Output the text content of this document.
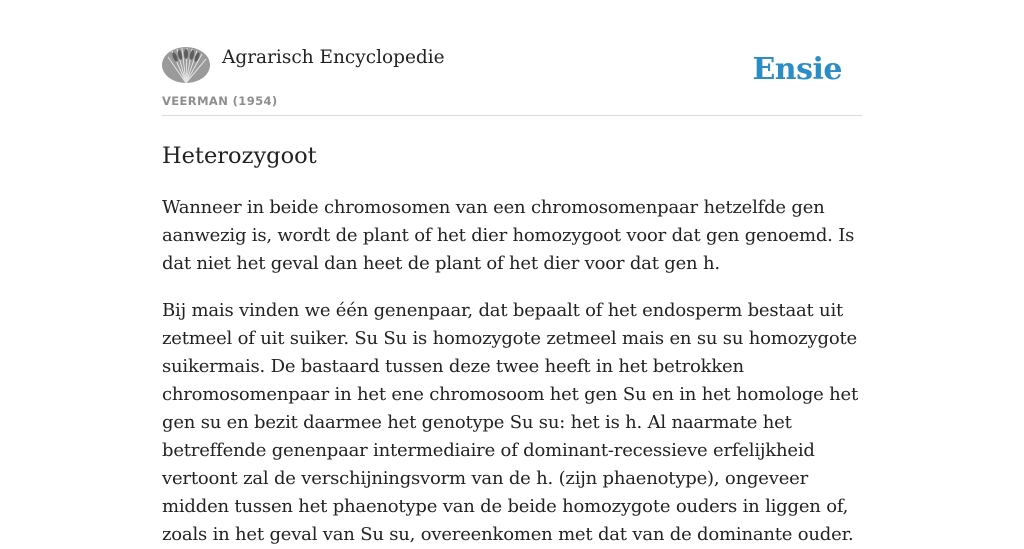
Agrarisch Encyclopedie
VEERMAN (1954)
Ensie
Heterozygoot

Wanneer in beide chromosomen van een chromosomenpaar hetzelfde gen aanwezig is, wordt de plant of het dier homozygoot voor dat gen genoemd. Is dat niet het geval dan heet de plant of het dier voor dat gen h.

Bij mais vinden we één genenpaar, dat bepaalt of het endosperm bestaat uit zetmeel of uit suiker. Su Su is homozygote zetmeel mais en su su homozygote suikermais. De bastaard tussen deze twee heeft in het betrokken chromosomenpaar in het ene chromosoom het gen Su en in het homologe het gen su en bezit daarmee het genotype Su su: het is h. Al naarmate het betreffende genenpaar intermediaire of dominant-recessieve erfelijkheid vertoont zal de verschijningsvorm van de h. (zijn phaenotype), ongeveer midden tussen het phaenotype van de beide homozygote ouders in liggen of, zoals in het geval van Su su, overeenkomen met dat van de dominante ouder.
